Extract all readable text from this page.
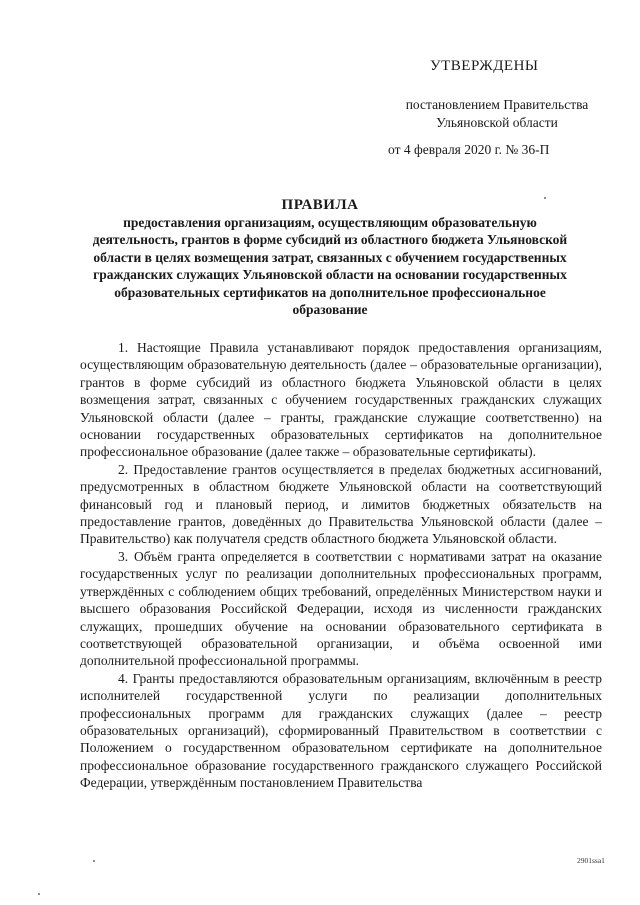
УТВЕРЖДЕНЫ
постановлением Правительства Ульяновской области
от 4 февраля 2020 г. № 36-П
ПРАВИЛА
предоставления организациям, осуществляющим образовательную деятельность, грантов в форме субсидий из областного бюджета Ульяновской области в целях возмещения затрат, связанных с обучением государственных гражданских служащих Ульяновской области на основании государственных образовательных сертификатов на дополнительное профессиональное образование

1. Настоящие Правила устанавливают порядок предоставления организациям, осуществляющим образовательную деятельность (далее – образовательные организации), грантов в форме субсидий из областного бюджета Ульяновской области в целях возмещения затрат, связанных с обучением государственных гражданских служащих Ульяновской области (далее – гранты, гражданские служащие соответственно) на основании государственных образовательных сертификатов на дополнительное профессиональное образование (далее также – образовательные сертификаты).

2. Предоставление грантов осуществляется в пределах бюджетных ассигнований, предусмотренных в областном бюджете Ульяновской области на соответствующий финансовый год и плановый период, и лимитов бюджетных обязательств на предоставление грантов, доведённых до Правительства Ульяновской области (далее – Правительство) как получателя средств областного бюджета Ульяновской области.

3. Объём гранта определяется в соответствии с нормативами затрат на оказание государственных услуг по реализации дополнительных профессиональных программ, утверждённых с соблюдением общих требований, определённых Министерством науки и высшего образования Российской Федерации, исходя из численности гражданских служащих, прошедших обучение на основании образовательного сертификата в соответствующей образовательной организации, и объёма освоенной ими дополнительной профессиональной программы.

4. Гранты предоставляются образовательным организациям, включённым в реестр исполнителей государственной услуги по реализации дополнительных профессиональных программ для гражданских служащих (далее – реестр образовательных организаций), сформированный Правительством в соответствии с Положением о государственном образовательном сертификате на дополнительное профессиональное образование государственного гражданского служащего Российской Федерации, утверждённым постановлением Правительства

2901ssa1
